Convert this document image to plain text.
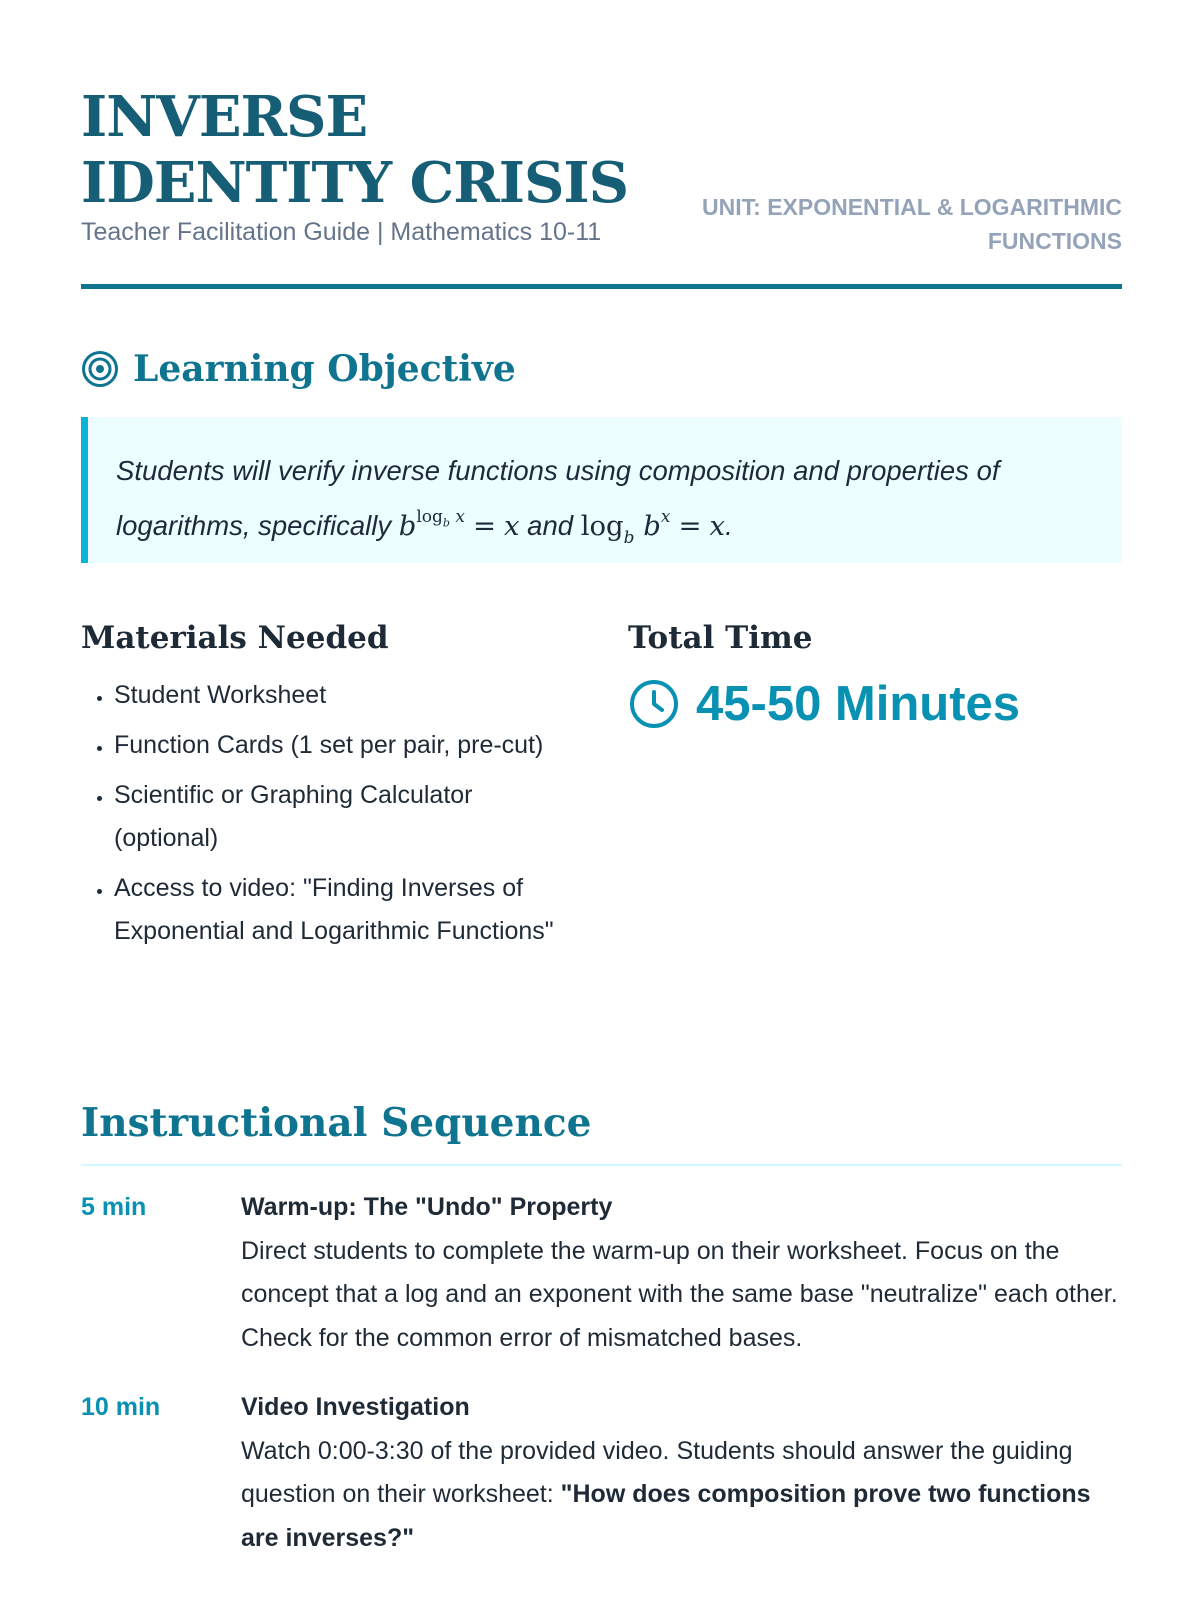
INVERSE IDENTITY CRISIS
Teacher Facilitation Guide | Mathematics 10-11
UNIT: EXPONENTIAL & LOGARITHMIC FUNCTIONS
Learning Objective
Students will verify inverse functions using composition and properties of logarithms, specifically $b^{log_b x} = x$ and $\log_b b^x = x$.
Materials Needed
• Student Worksheet
• Function Cards (1 set per pair, pre-cut)
• Scientific or Graphing Calculator (optional)
• Access to video: "Finding Inverses of Exponential and Logarithmic Functions"
Total Time
45-50 Minutes
Instructional Sequence
5 min	Warm-up: The "Undo" Property
Direct students to complete the warm-up on their worksheet. Focus on the concept that a log and an exponent with the same base "neutralize" each other. Check for the common error of mismatched bases.
10 min	Video Investigation
Watch 0:00-3:30 of the provided video. Students should answer the guiding question on their worksheet: "How does composition prove two functions are inverses?"
